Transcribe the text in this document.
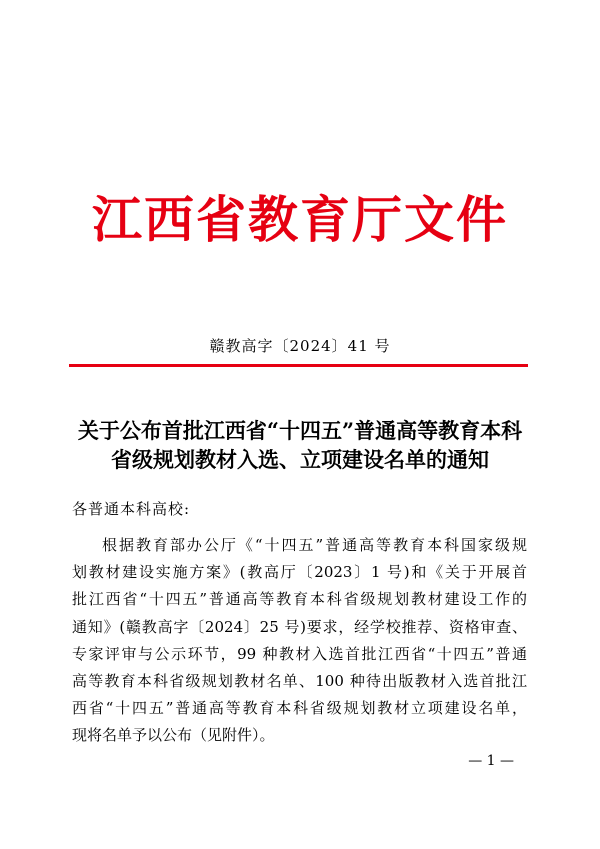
江西省教育厅文件
赣教高字〔2024〕41 号
关于公布首批江西省“十四五”普通高等教育本科
省级规划教材入选、立项建设名单的通知
各普通本科高校:
根据教育部办公厅《“十四五”普通高等教育本科国家级规
划教材建设实施方案》(教高厅〔2023〕1 号)和《关于开展首
批江西省“十四五”普通高等教育本科省级规划教材建设工作的
通知》(赣教高字〔2024〕25 号)要求，经学校推荐、资格审查、
专家评审与公示环节，99 种教材入选首批江西省“十四五”普通
高等教育本科省级规划教材名单、100 种待出版教材入选首批江
西省“十四五”普通高等教育本科省级规划教材立项建设名单，
现将名单予以公布（见附件）。
— 1 —
